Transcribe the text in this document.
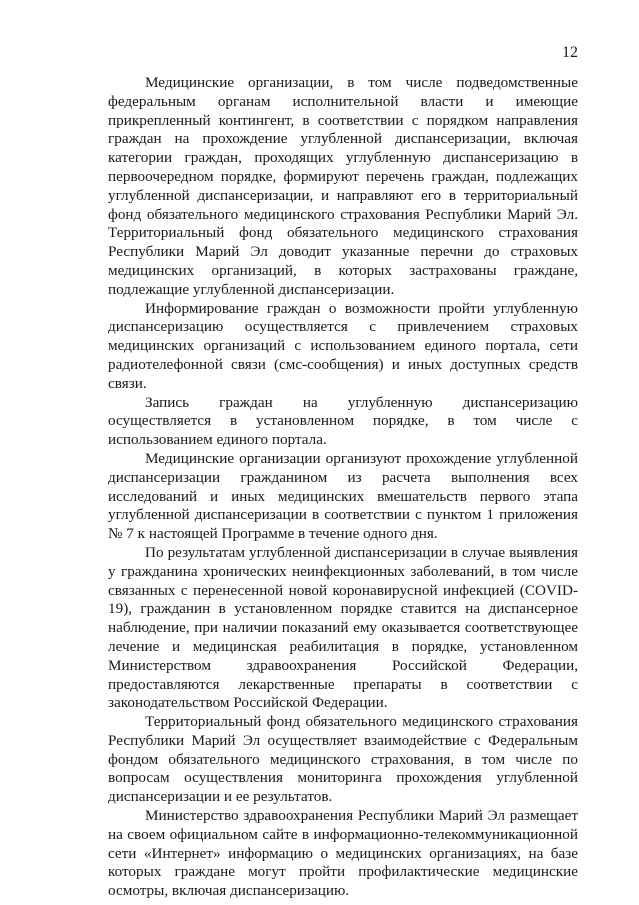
12

Медицинские организации, в том числе подведомственные федеральным органам исполнительной власти и имеющие прикрепленный контингент, в соответствии с порядком направления граждан на прохождение углубленной диспансеризации, включая категории граждан, проходящих углубленную диспансеризацию в первоочередном порядке, формируют перечень граждан, подлежащих углубленной диспансеризации, и направляют его в территориальный фонд обязательного медицинского страхования Республики Марий Эл. Территориальный фонд обязательного медицинского страхования Республики Марий Эл доводит указанные перечни до страховых медицинских организаций, в которых застрахованы граждане, подлежащие углубленной диспансеризации.

Информирование граждан о возможности пройти углубленную диспансеризацию осуществляется с привлечением страховых медицинских организаций с использованием единого портала, сети радиотелефонной связи (смс-сообщения) и иных доступных средств связи.

Запись граждан на углубленную диспансеризацию осуществляется в установленном порядке, в том числе с использованием единого портала.

Медицинские организации организуют прохождение углубленной диспансеризации гражданином из расчета выполнения всех исследований и иных медицинских вмешательств первого этапа углубленной диспансеризации в соответствии с пунктом 1 приложения № 7 к настоящей Программе в течение одного дня.

По результатам углубленной диспансеризации в случае выявления у гражданина хронических неинфекционных заболеваний, в том числе связанных с перенесенной новой коронавирусной инфекцией (COVID-19), гражданин в установленном порядке ставится на диспансерное наблюдение, при наличии показаний ему оказывается соответствующее лечение и медицинская реабилитация в порядке, установленном Министерством здравоохранения Российской Федерации, предоставляются лекарственные препараты в соответствии с законодательством Российской Федерации.

Территориальный фонд обязательного медицинского страхования Республики Марий Эл осуществляет взаимодействие с Федеральным фондом обязательного медицинского страхования, в том числе по вопросам осуществления мониторинга прохождения углубленной диспансеризации и ее результатов.

Министерство здравоохранения Республики Марий Эл размещает на своем официальном сайте в информационно-телекоммуникационной сети «Интернет» информацию о медицинских организациях, на базе которых граждане могут пройти профилактические медицинские осмотры, включая диспансеризацию.
